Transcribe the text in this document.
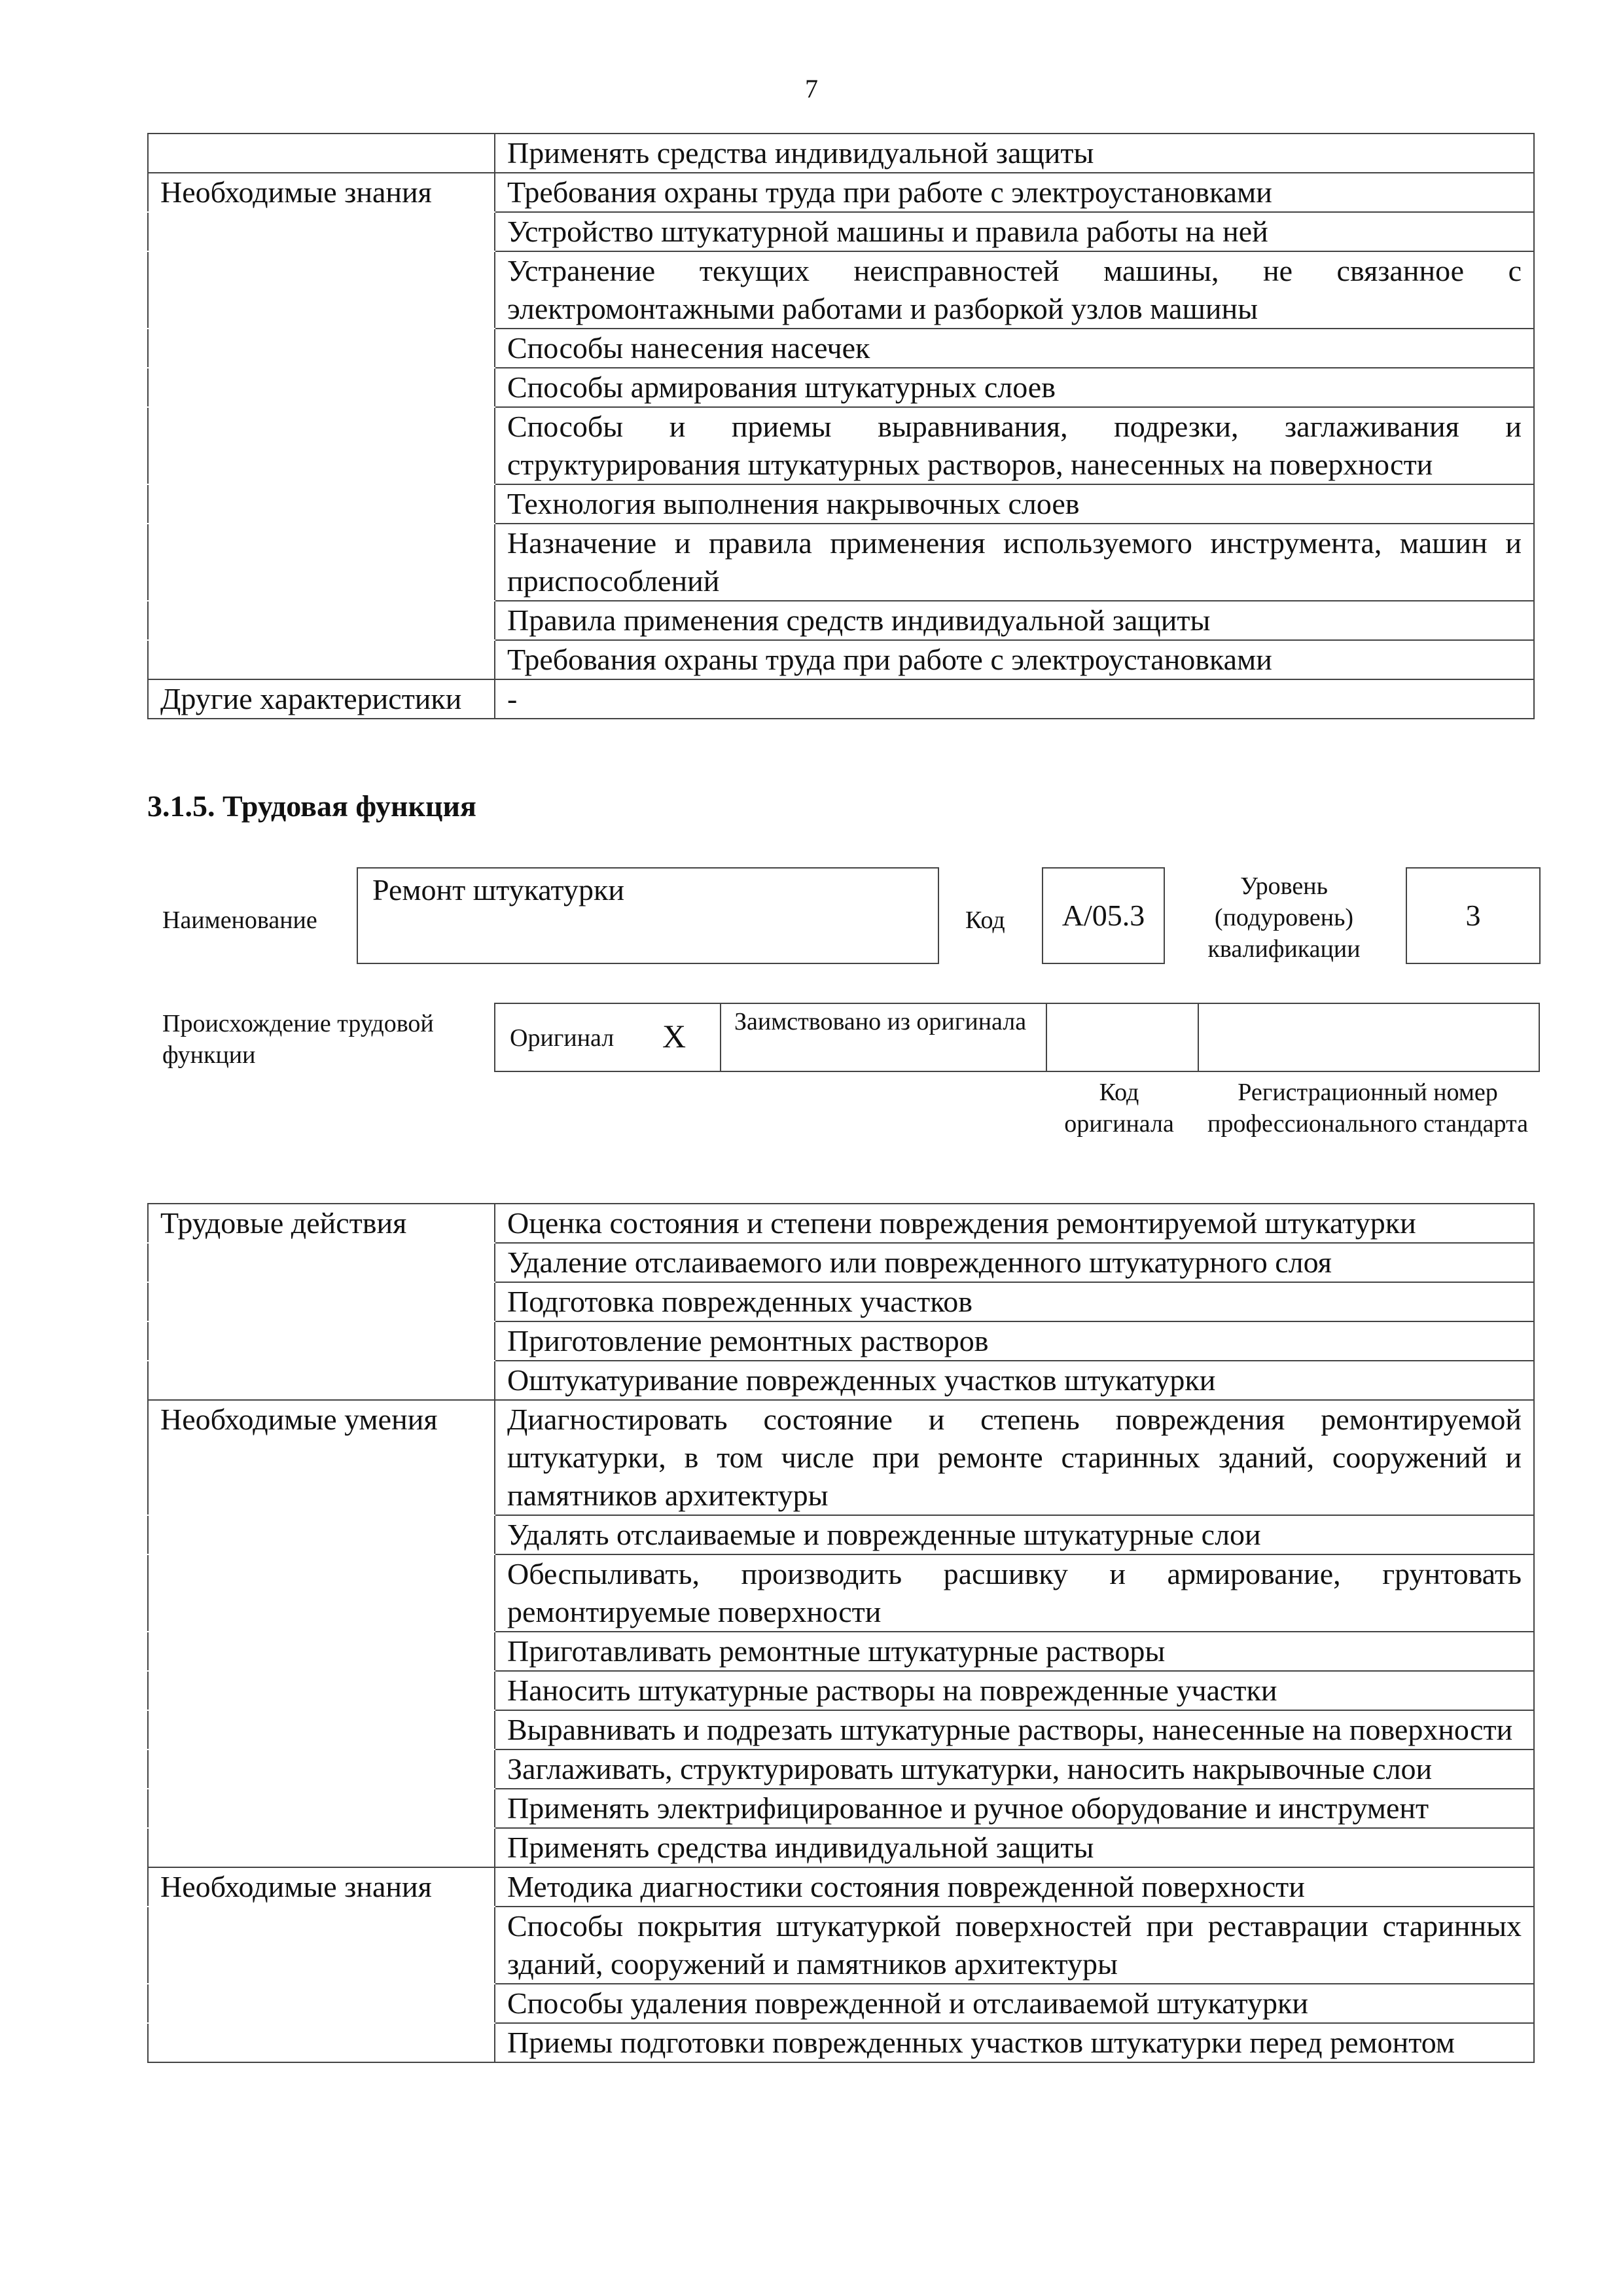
7
	Применять средства индивидуальной защиты
Необходимые знания	Требования охраны труда при работе с электроустановками
	Устройство штукатурной машины и правила работы на ней
	Устранение текущих неисправностей машины, не связанное с электромонтажными работами и разборкой узлов машины
	Способы нанесения насечек
	Способы армирования штукатурных слоев
	Способы и приемы выравнивания, подрезки, заглаживания и структурирования штукатурных растворов, нанесенных на поверхности
	Технология выполнения накрывочных слоев
	Назначение и правила применения используемого инструмента, машин и приспособлений
	Правила применения средств индивидуальной защиты
	Требования охраны труда при работе с электроустановками
Другие характеристики	-
3.1.5. Трудовая функция
Наименование
Ремонт штукатурки
Код	А/05.3
Уровень (подуровень) квалификации
3
Происхождение трудовой функции
Оригинал X Заимствовано из оригинала
Код оригинала
Регистрационный номер профессионального стандарта
Трудовые действия	Оценка состояния и степени повреждения ремонтируемой штукатурки
	Удаление отслаиваемого или поврежденного штукатурного слоя
	Подготовка поврежденных участков
	Приготовление ремонтных растворов
	Оштукатуривание поврежденных участков штукатурки
Необходимые умения	Диагностировать состояние и степень повреждения ремонтируемой штукатурки, в том числе при ремонте старинных зданий, сооружений и памятников архитектуры
	Удалять отслаиваемые и поврежденные штукатурные слои
	Обеспыливать, производить расшивку и армирование, грунтовать ремонтируемые поверхности
	Приготавливать ремонтные штукатурные растворы
	Наносить штукатурные растворы на поврежденные участки
	Выравнивать и подрезать штукатурные растворы, нанесенные на поверхности
	Заглаживать, структурировать штукатурки, наносить накрывочные слои
	Применять электрифицированное и ручное оборудование и инструмент
	Применять средства индивидуальной защиты
Необходимые знания	Методика диагностики состояния поврежденной поверхности
	Способы покрытия штукатуркой поверхностей при реставрации старинных зданий, сооружений и памятников архитектуры
	Способы удаления поврежденной и отслаиваемой штукатурки
	Приемы подготовки поврежденных участков штукатурки перед ремонтом
